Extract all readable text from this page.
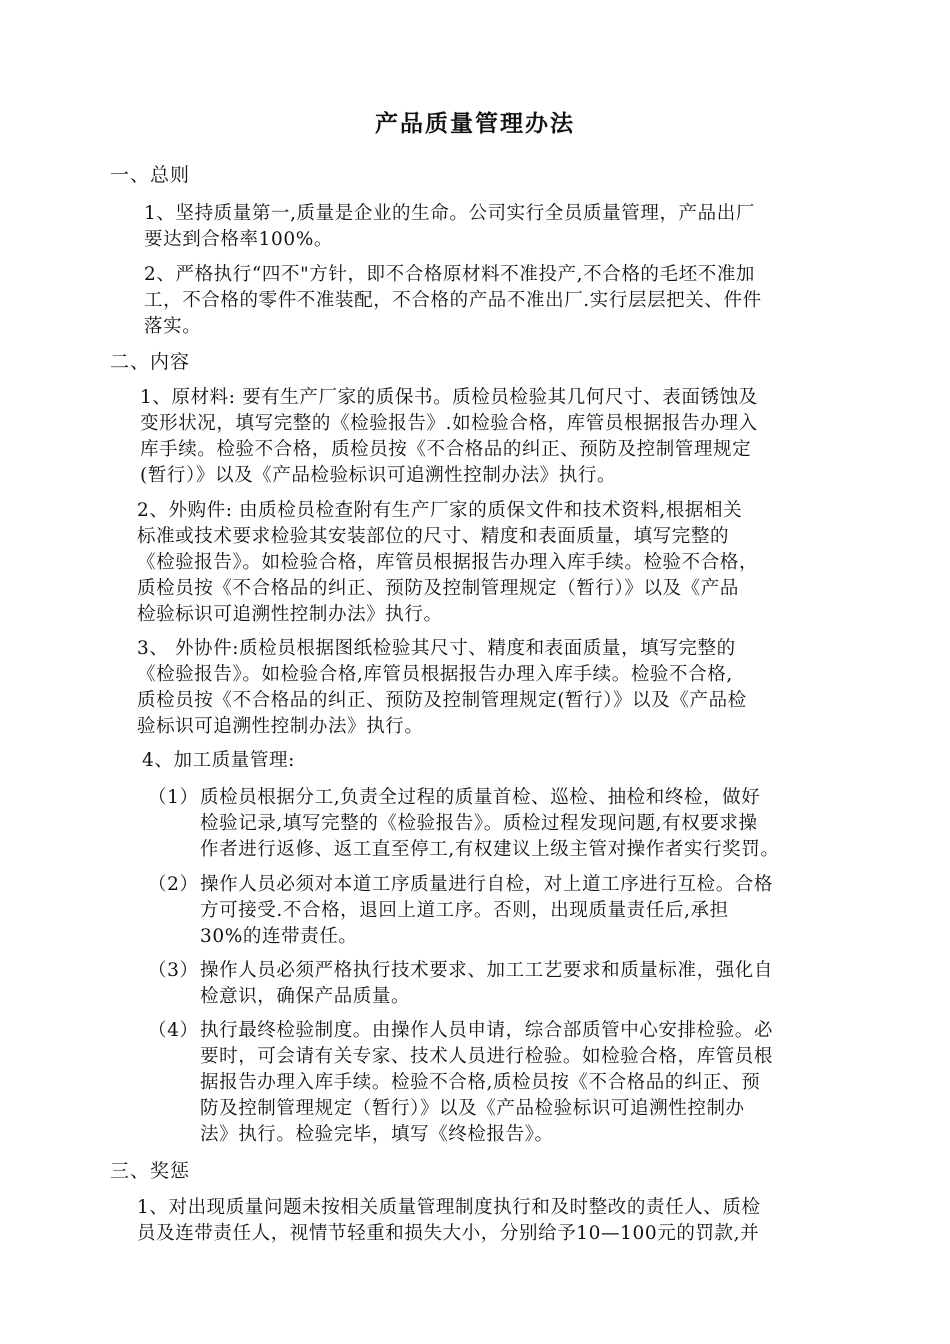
产品质量管理办法
一、总则
1、坚持质量第一,质量是企业的生命。公司实行全员质量管理，产品出厂
要达到合格率100%。
2、严格执行“四不"方针，即不合格原材料不准投产,不合格的毛坯不准加
工，不合格的零件不准装配，不合格的产品不准出厂.实行层层把关、件件
落实。
二、内容
1、原材料: 要有生产厂家的质保书。质检员检验其几何尺寸、表面锈蚀及
变形状况，填写完整的《检验报告》.如检验合格，库管员根据报告办理入
库手续。检验不合格，质检员按《不合格品的纠正、预防及控制管理规定
(暂行）》以及《产品检验标识可追溯性控制办法》执行。
2、外购件: 由质检员检查附有生产厂家的质保文件和技术资料,根据相关
标准或技术要求检验其安装部位的尺寸、精度和表面质量，填写完整的
《检验报告》。如检验合格，库管员根据报告办理入库手续。检验不合格，
质检员按《不合格品的纠正、预防及控制管理规定（暂行）》以及《产品
检验标识可追溯性控制办法》执行。
3、 外协件:质检员根据图纸检验其尺寸、精度和表面质量，填写完整的
《检验报告》。如检验合格,库管员根据报告办理入库手续。检验不合格,
质检员按《不合格品的纠正、预防及控制管理规定(暂行）》以及《产品检
验标识可追溯性控制办法》执行。
4、加工质量管理:
（1） 质检员根据分工,负责全过程的质量首检、巡检、抽检和终检，做好
检验记录,填写完整的《检验报告》。质检过程发现问题,有权要求操
作者进行返修、返工直至停工,有权建议上级主管对操作者实行奖罚。
（2） 操作人员必须对本道工序质量进行自检，对上道工序进行互检。合格
方可接受.不合格，退回上道工序。否则，出现质量责任后,承担
30%的连带责任。
（3） 操作人员必须严格执行技术要求、加工工艺要求和质量标准，强化自
检意识，确保产品质量。
（4） 执行最终检验制度。由操作人员申请，综合部质管中心安排检验。必
要时，可会请有关专家、技术人员进行检验。如检验合格，库管员根
据报告办理入库手续。检验不合格,质检员按《不合格品的纠正、预
防及控制管理规定（暂行）》以及《产品检验标识可追溯性控制办
法》执行。检验完毕，填写《终检报告》。
三、奖惩
1、对出现质量问题未按相关质量管理制度执行和及时整改的责任人、质检
员及连带责任人，视情节轻重和损失大小，分别给予10—100元的罚款,并
